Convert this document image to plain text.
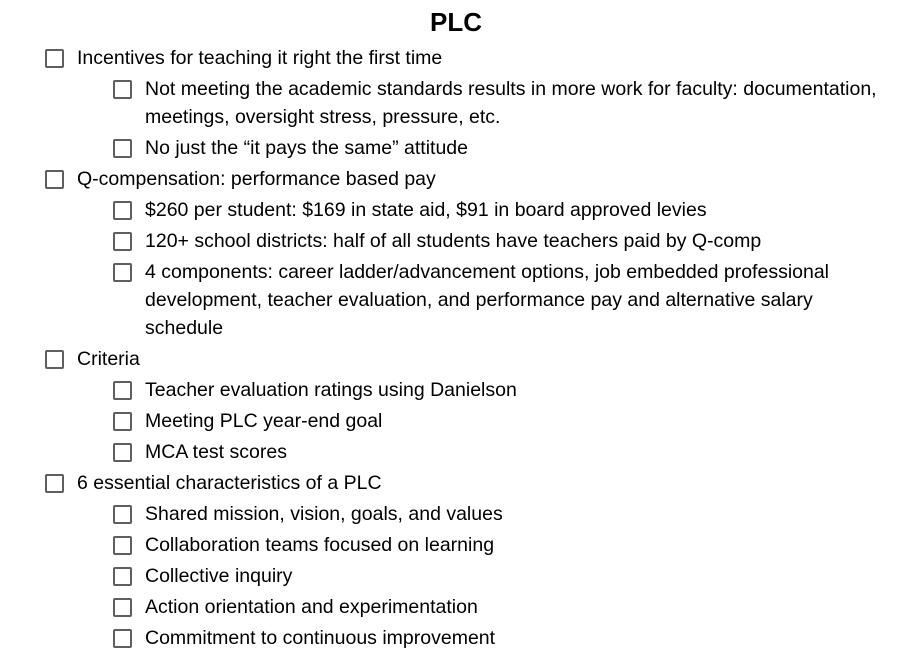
PLC
Incentives for teaching it right the first time
Not meeting the academic standards results in more work for faculty: documentation, meetings, oversight stress, pressure, etc.
No just the “it pays the same” attitude
Q-compensation: performance based pay
$260 per student: $169 in state aid, $91 in board approved levies
120+ school districts: half of all students have teachers paid by Q-comp
4 components: career ladder/advancement options, job embedded professional development, teacher evaluation, and performance pay and alternative salary schedule
Criteria
Teacher evaluation ratings using Danielson
Meeting PLC year-end goal
MCA test scores
6 essential characteristics of a PLC
Shared mission, vision, goals, and values
Collaboration teams focused on learning
Collective inquiry
Action orientation and experimentation
Commitment to continuous improvement
